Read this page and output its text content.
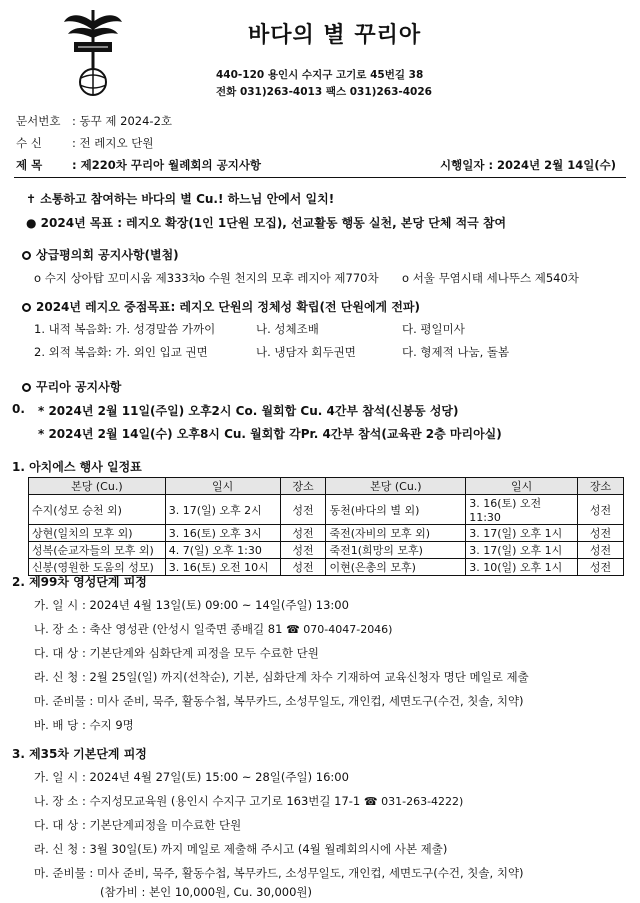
바다의 별 꾸리아
440-120 용인시 수지구 고기로 45번길 38
전화 031)263-4013 팩스 031)263-4026
문서번호 : 동꾸 제 2024-2호
수 신	: 전 레지오 단원
제 목	: 제220차 꾸리아 월례회의 공지사항	시행일자 : 2024년 2월 14일(수)
✝ 소통하고 참여하는 바다의 별 Cu.! 하느님 안에서 일치!
● 2024년 목표 : 레지오 확장(1인 1단원 모집), 선교활동 행동 실천, 본당 단체 적극 참여
상급평의회 공지사항(별첨)
o 수지 상아탑 꼬미시움 제333차
o 수원 천지의 모후 레지아 제770차 o 서울 무염시태 세나뚜스 제540차
2024년 레지오 중점목표: 레지오 단원의 정체성 확립(전 단원에게 전파)
1. 내적 복음화: 가. 성경말씀 가까이	나. 성체조배	다. 평일미사
2. 외적 복음화: 가. 외인 입교 권면	나. 냉담자 회두권면	다. 형제적 나눔, 돌봄
꾸리아 공지사항
0. * 2024년 2월 11일(주일) 오후2시 Co. 월회합 Cu. 4간부 참석(신봉동 성당)
* 2024년 2월 14일(수) 오후8시 Cu. 월회합 각Pr. 4간부 참석(교육관 2층 마리아실)
1. 아치에스 행사 일정표
본당 (Cu.)	일시	장소	본당 (Cu.)	일시	장소
수지(성모 승천 외)	3. 17(일) 오후 2시	성전	동천(바다의 별 외)	3. 16(토) 오전 11:30	성전
상현(일치의 모후 외)	3. 16(토) 오후 3시	성전	죽전(자비의 모후 외)	3. 17(일) 오후 1시	성전
성복(순교자들의 모후 외)	4. 7(일) 오후 1:30	성전	죽전1(희망의 모후)	3. 17(일) 오후 1시	성전
신봉(영원한 도움의 성모)	3. 16(토) 오전 10시	성전	이현(은총의 모후)	3. 10(일) 오후 1시	성전
2. 제99차 영성단계 피정
가. 일 시 : 2024년 4월 13일(토) 09:00 ~ 14일(주일) 13:00
나. 장 소 : 축산 영성관 (안성시 일죽면 종배길 81 ☎ 070-4047-2046)
다. 대 상 : 기본단계와 심화단계 피정을 모두 수료한 단원
라. 신 청 : 2월 25일(일) 까지(선착순), 기본, 심화단계 차수 기재하여 교육신청자 명단 메일로 제출
마. 준비물 : 미사 준비, 묵주, 활동수첩, 복무카드, 소성무일도, 개인컵, 세면도구(수건, 칫솔, 치약)
바. 배 당 : 수지 9명
3. 제35차 기본단계 피정
가. 일 시 : 2024년 4월 27일(토) 15:00 ~ 28일(주일) 16:00
나. 장 소 : 수지성모교육원 (용인시 수지구 고기로 163번길 17-1 ☎ 031-263-4222)
다. 대 상 : 기본단계피정을 미수료한 단원
라. 신 청 : 3월 30일(토) 까지 메일로 제출해 주시고 (4월 월례회의시에 사본 제출)
마. 준비물 : 미사 준비, 묵주, 활동수첩, 복무카드, 소성무일도, 개인컵, 세면도구(수건, 칫솔, 치약)
(참가비 : 본인 10,000원, Cu. 30,000원)
